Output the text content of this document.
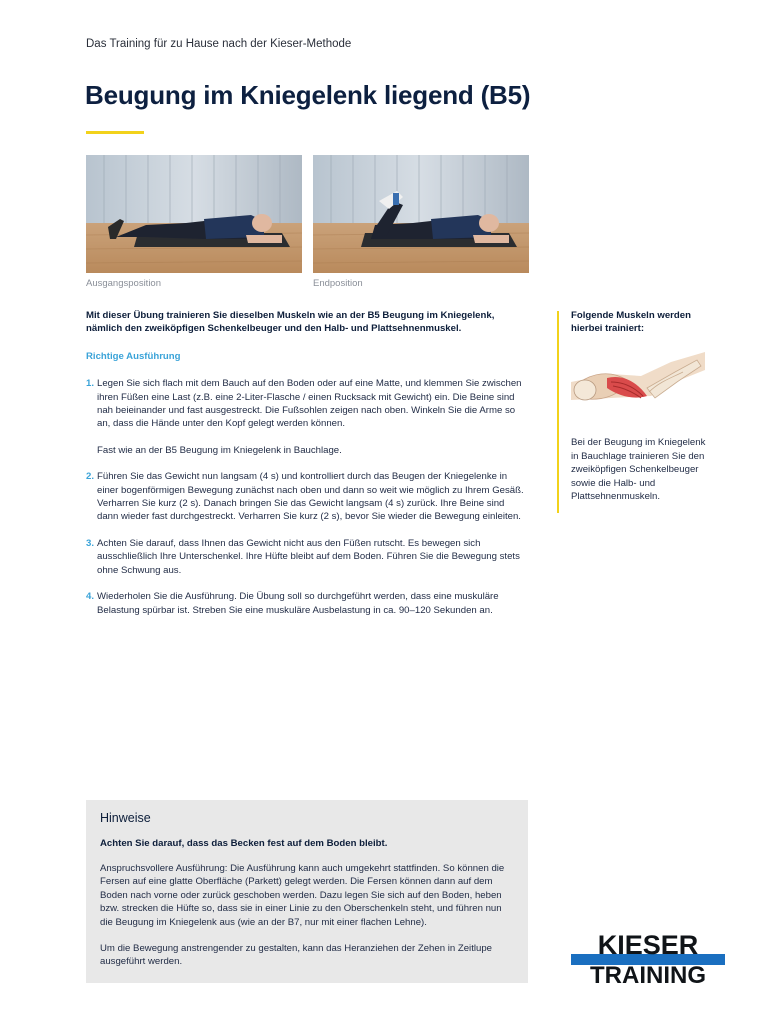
Das Training für zu Hause nach der Kieser-Methode
Beugung im Kniegelenk liegend (B5)
Ausgangsposition	Endposition

Mit dieser Übung trainieren Sie dieselben Muskeln wie an der B5 Beugung im Kniegelenk, nämlich den zweiköpfigen Schenkelbeuger und den Halb- und Plattsehnenmuskel.

Richtige Ausführung

1. Legen Sie sich flach mit dem Bauch auf den Boden oder auf eine Matte, und klemmen Sie zwischen ihren Füßen eine Last (z.B. eine 2-Liter-Flasche / einen Rucksack mit Gewicht) ein. Die Beine sind nah beieinander und fast ausgestreckt. Die Fußsohlen zeigen nach oben. Winkeln Sie die Arme so an, dass die Hände unter den Kopf gelegt werden können.

Fast wie an der B5 Beugung im Kniegelenk in Bauchlage.

2. Führen Sie das Gewicht nun langsam (4 s) und kontrolliert durch das Beugen der Kniegelenke in einer bogenförmigen Bewegung zunächst nach oben und dann so weit wie möglich zu Ihrem Gesäß. Verharren Sie kurz (2 s). Danach bringen Sie das Gewicht langsam (4 s) zurück. Ihre Beine sind dann wieder fast durchgestreckt. Verharren Sie kurz (2 s), bevor Sie wieder die Bewegung einleiten.

3. Achten Sie darauf, dass Ihnen das Gewicht nicht aus den Füßen rutscht. Es bewegen sich ausschließlich Ihre Unterschenkel. Ihre Hüfte bleibt auf dem Boden. Führen Sie die Bewegung stets ohne Schwung aus.

4. Wiederholen Sie die Ausführung. Die Übung soll so durchgeführt werden, dass eine muskuläre Belastung spürbar ist. Streben Sie eine muskuläre Ausbelastung in ca. 90–120 Sekunden an.

Folgende Muskeln werden hierbei trainiert:
Bei der Beugung im Kniegelenk in Bauchlage trainieren Sie den zweiköpfigen Schenkelbeuger sowie die Halb- und Plattsehnenmuskeln.
Hinweise
Achten Sie darauf, dass das Becken fest auf dem Boden bleibt.

Anspruchsvollere Ausführung: Die Ausführung kann auch umgekehrt stattfinden. So können die Fersen auf eine glatte Oberfläche (Parkett) gelegt werden. Die Fersen können dann auf dem Boden nach vorne oder zurück geschoben werden. Dazu legen Sie sich auf den Boden, heben bzw. strecken die Hüfte so, dass sie in einer Linie zu den Oberschenkeln steht, und führen nun die Beugung im Kniegelenk aus (wie an der B7, nur mit einer flachen Lehne).

Um die Bewegung anstrengender zu gestalten, kann das Heranziehen der Zehen in Zeitlupe ausgeführt werden.

KIESER
TRAINING
